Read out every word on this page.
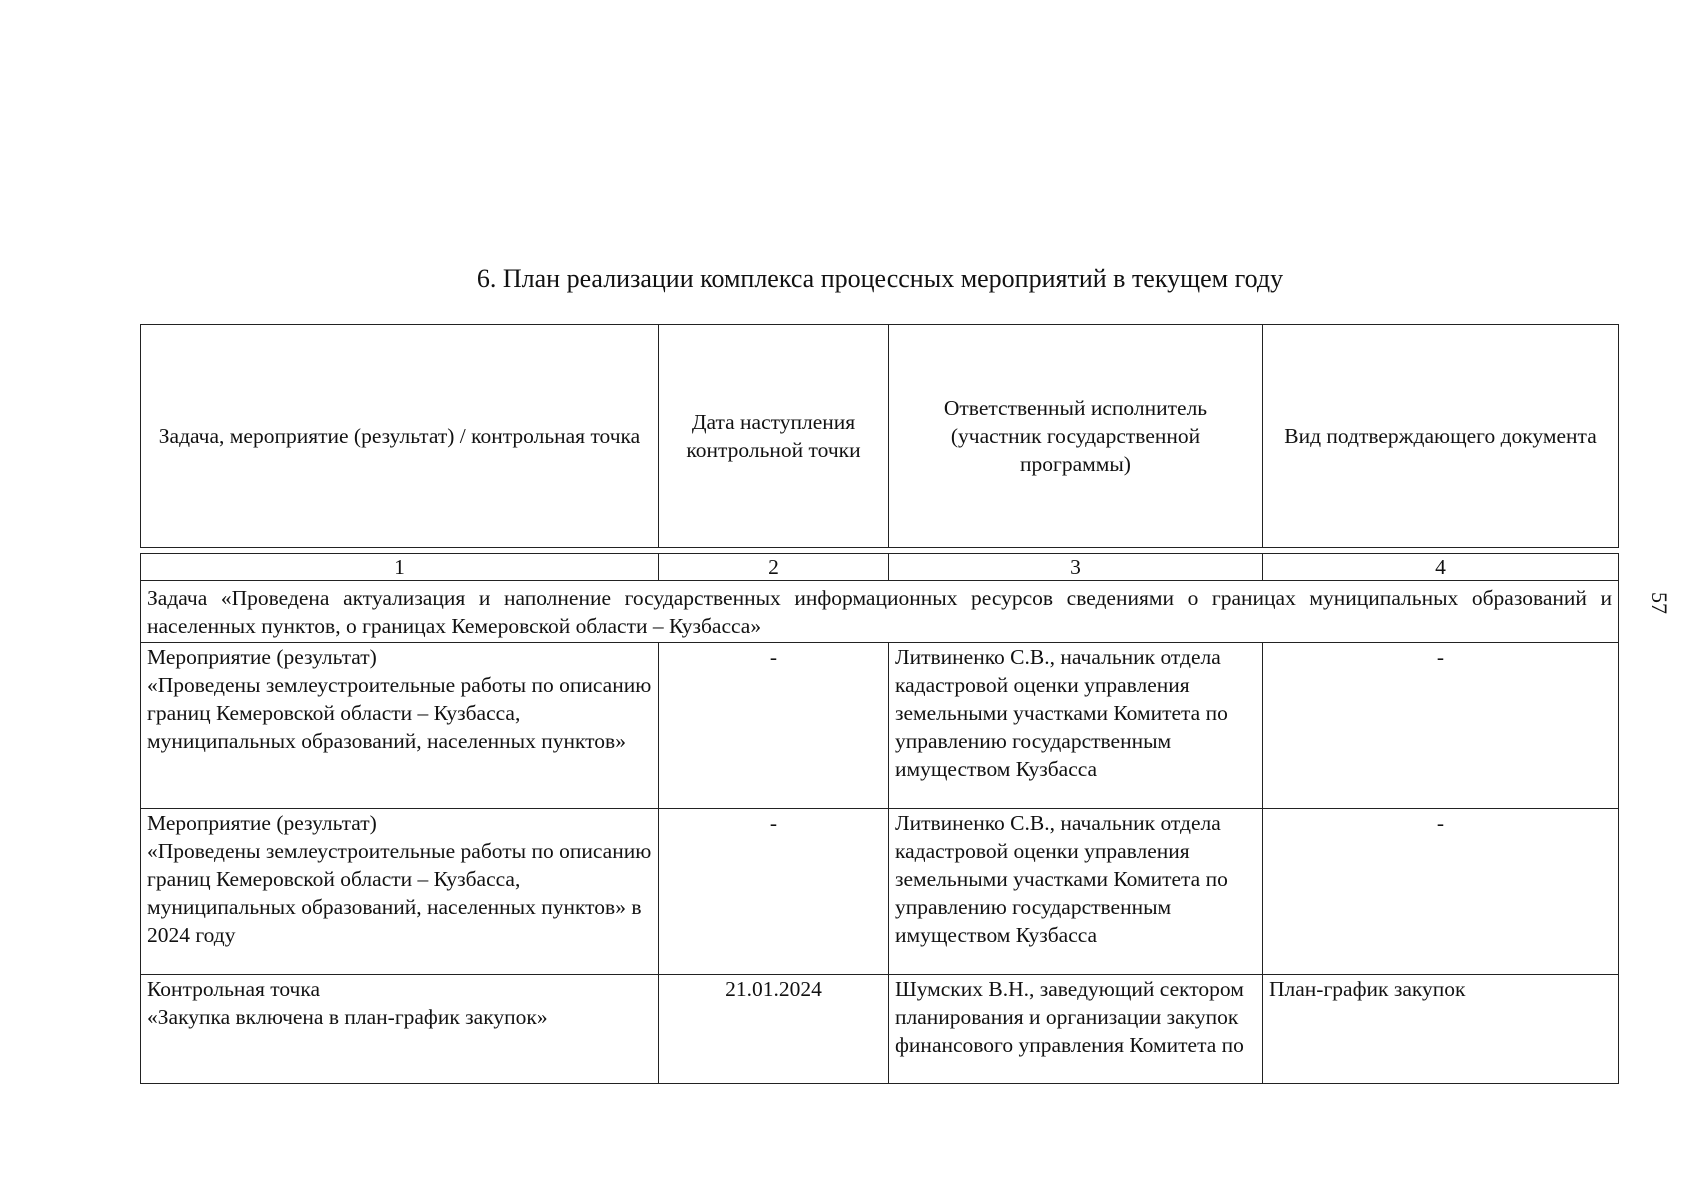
6. План реализации комплекса процессных мероприятий в текущем году
57
Задача, мероприятие (результат) / контрольная точка	Дата наступления контрольной точки	Ответственный исполнитель (участник государственной программы)	Вид подтверждающего документа
1	2	3	4
Задача «Проведена актуализация и наполнение государственных информационных ресурсов сведениями о границах муниципальных образований и населенных пунктов, о границах Кемеровской области – Кузбасса»			

Мероприятие (результат)
«Проведены землеустроительные работы по описанию границ Кемеровской области – Кузбасса, муниципальных образований, населенных пунктов»	-	Литвиненко С.В., начальник отдела кадастровой оценки управления земельными участками Комитета по управлению государственным имуществом Кузбасса	-

Мероприятие (результат)
«Проведены землеустроительные работы по описанию границ Кемеровской области – Кузбасса, муниципальных образований, населенных пунктов» в 2024 году	-	Литвиненко С.В., начальник отдела кадастровой оценки управления земельными участками Комитета по управлению государственным имуществом Кузбасса	-

Контрольная точка
«Закупка включена в план-график закупок»	21.01.2024	Шумских В.Н., заведующий сектором планирования и организации закупок финансового управления Комитета по	План-график закупок
